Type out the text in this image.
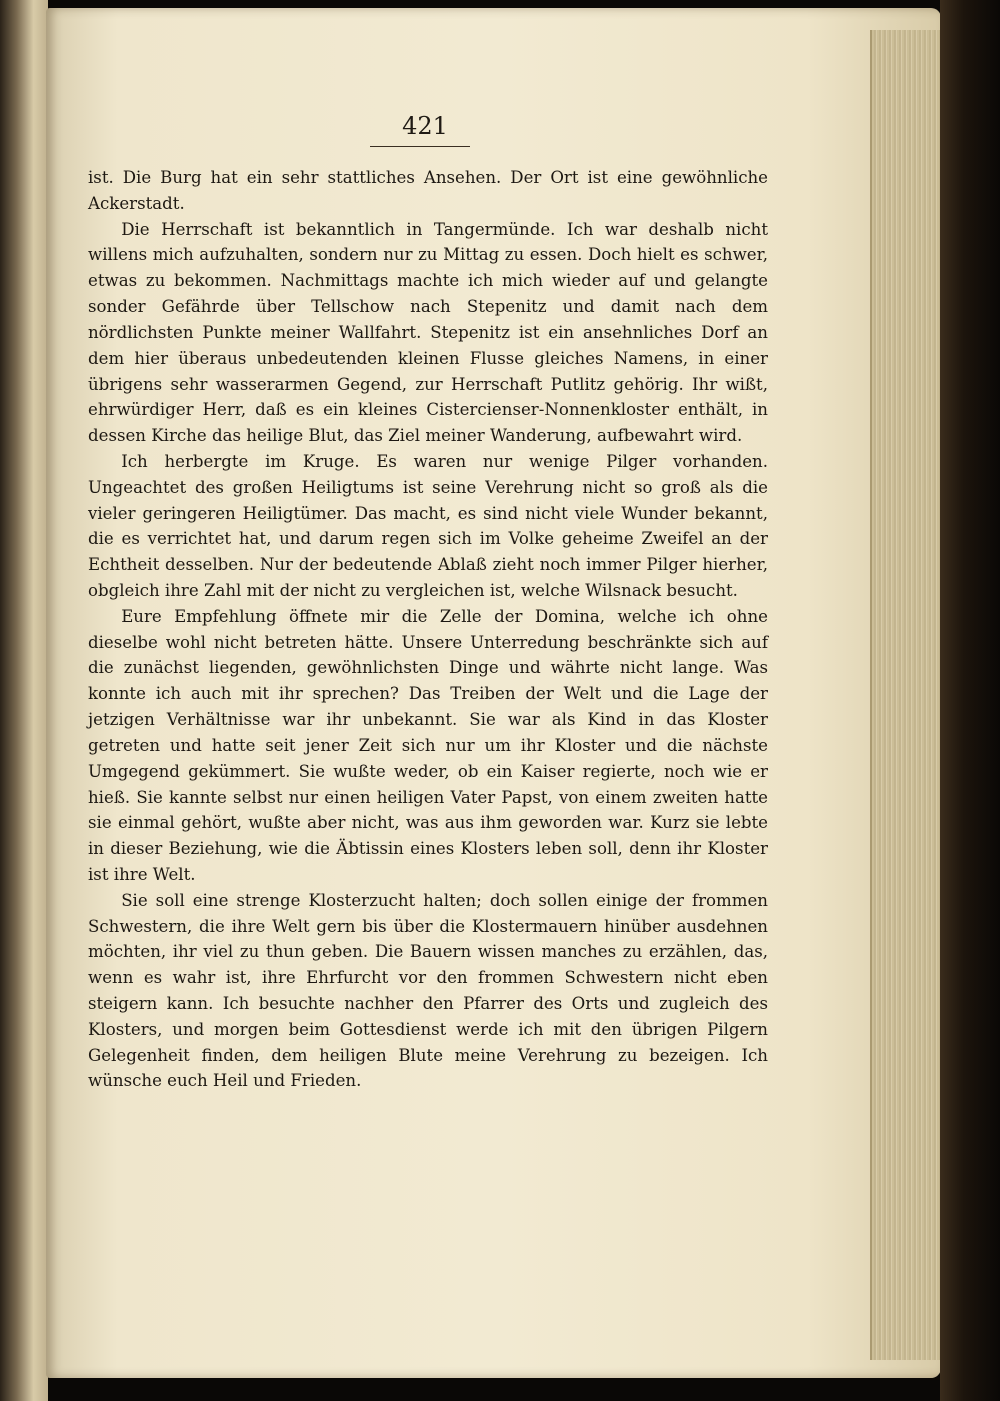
421

ist. Die Burg hat ein sehr stattliches Ansehen. Der Ort ist eine gewöhnliche Ackerstadt.

Die Herrschaft ist bekanntlich in Tangermünde. Ich war deshalb nicht willens mich aufzuhalten, sondern nur zu Mittag zu essen. Doch hielt es schwer, etwas zu bekommen. Nachmittags machte ich mich wieder auf und gelangte sonder Gefährde über Tellschow nach Stepenitz und damit nach dem nördlichsten Punkte meiner Wallfahrt. Stepenitz ist ein ansehnliches Dorf an dem hier überaus unbedeutenden kleinen Flusse gleiches Namens, in einer übrigens sehr wasserarmen Gegend, zur Herrschaft Putlitz gehörig. Ihr wißt, ehrwürdiger Herr, daß es ein kleines Cistercienser-Nonnenkloster enthält, in dessen Kirche das heilige Blut, das Ziel meiner Wanderung, aufbewahrt wird.

Ich herbergte im Kruge. Es waren nur wenige Pilger vorhanden. Ungeachtet des großen Heiligtums ist seine Verehrung nicht so groß als die vieler geringeren Heiligtümer. Das macht, es sind nicht viele Wunder bekannt, die es verrichtet hat, und darum regen sich im Volke geheime Zweifel an der Echtheit desselben. Nur der bedeutende Ablaß zieht noch immer Pilger hierher, obgleich ihre Zahl mit der nicht zu vergleichen ist, welche Wilsnack besucht.

Eure Empfehlung öffnete mir die Zelle der Domina, welche ich ohne dieselbe wohl nicht betreten hätte. Unsere Unterredung beschränkte sich auf die zunächst liegenden, gewöhnlichsten Dinge und währte nicht lange. Was konnte ich auch mit ihr sprechen? Das Treiben der Welt und die Lage der jetzigen Verhältnisse war ihr unbekannt. Sie war als Kind in das Kloster getreten und hatte seit jener Zeit sich nur um ihr Kloster und die nächste Umgegend gekümmert. Sie wußte weder, ob ein Kaiser regierte, noch wie er hieß. Sie kannte selbst nur einen heiligen Vater Papst, von einem zweiten hatte sie einmal gehört, wußte aber nicht, was aus ihm geworden war. Kurz sie lebte in dieser Beziehung, wie die Äbtissin eines Klosters leben soll, denn ihr Kloster ist ihre Welt.

Sie soll eine strenge Klosterzucht halten; doch sollen einige der frommen Schwestern, die ihre Welt gern bis über die Klostermauern hinüber ausdehnen möchten, ihr viel zu thun geben. Die Bauern wissen manches zu erzählen, das, wenn es wahr ist, ihre Ehrfurcht vor den frommen Schwestern nicht eben steigern kann. Ich besuchte nachher den Pfarrer des Orts und zugleich des Klosters, und morgen beim Gottesdienst werde ich mit den übrigen Pilgern Gelegenheit finden, dem heiligen Blute meine Verehrung zu bezeigen. Ich wünsche euch Heil und Frieden.
